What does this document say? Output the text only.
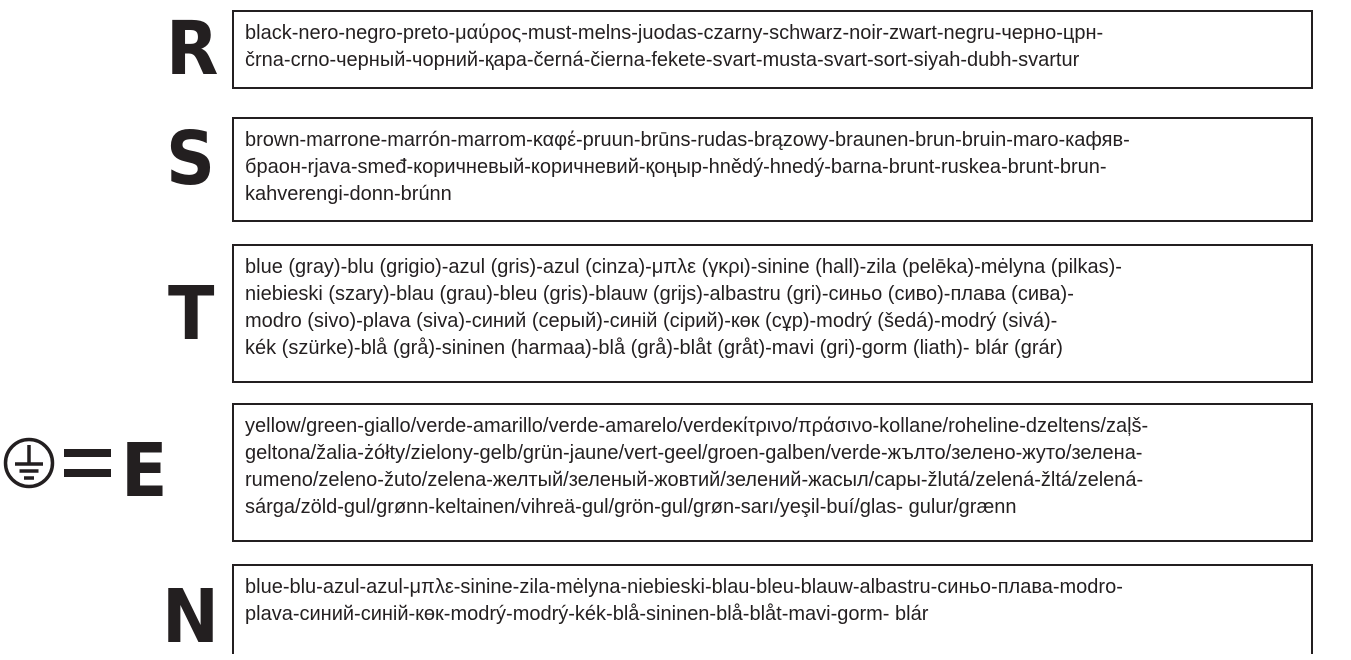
R black-nero-negro-preto-μαύρος-must-melns-juodas-czarny-schwarz-noir-zwart-negru-черно-црн-
črna-crno-черный-чорний-қара-černá-čierna-fekete-svart-musta-svart-sort-siyah-dubh-svartur
S brown-marrone-marrón-marrom-καφέ-pruun-brūns-rudas-brązowy-braunen-brun-bruin-maro-кафяв-
браон-rjava-smeđ-коричневый-коричневий-қоңыр-hnědý-hnedý-barna-brunt-ruskea-brunt-brun-
kahverengi-donn-brúnn
T
blue (gray)-blu (grigio)-azul (gris)-azul (cinza)-μπλε (γκρι)-sinine (hall)-zila (pelēka)-mėlyna (pilkas)-
niebieski (szary)-blau (grau)-bleu (gris)-blauw (grijs)-albastru (gri)-синьо (сиво)-плава (сива)-
modro (sivo)-plava (siva)-синий (серый)-синій (сірий)-көк (сұр)-modrý (šedá)-modrý (sivá)-
kék (szürke)-blå (grå)-sininen (harmaa)-blå (grå)-blåt (gråt)-mavi (gri)-gorm (liath)- blár (grár)
E
yellow/green-giallo/verde-amarillo/verde-amarelo/verdeκίτρινο/πράσινο-kollane/roheline-dzeltens/zaļš-
geltona/žalia-żółty/zielony-gelb/grün-jaune/vert-geel/groen-galben/verde-жълто/зелено-жуто/зелена-
rumeno/zeleno-žuto/zelena-желтый/зеленый-жовтий/зелений-жасыл/сары-žlutá/zelená-žltá/zelená-
sárga/zöld-gul/grønn-keltainen/vihreä-gul/grön-gul/grøn-sarı/yeşil-buí/glas- gulur/grænn
N blue-blu-azul-azul-μπλε-sinine-zila-mėlyna-niebieski-blau-bleu-blauw-albastru-синьо-плава-modro-
plava-синий-синій-көк-modrý-modrý-kék-blå-sininen-blå-blåt-mavi-gorm- blár
